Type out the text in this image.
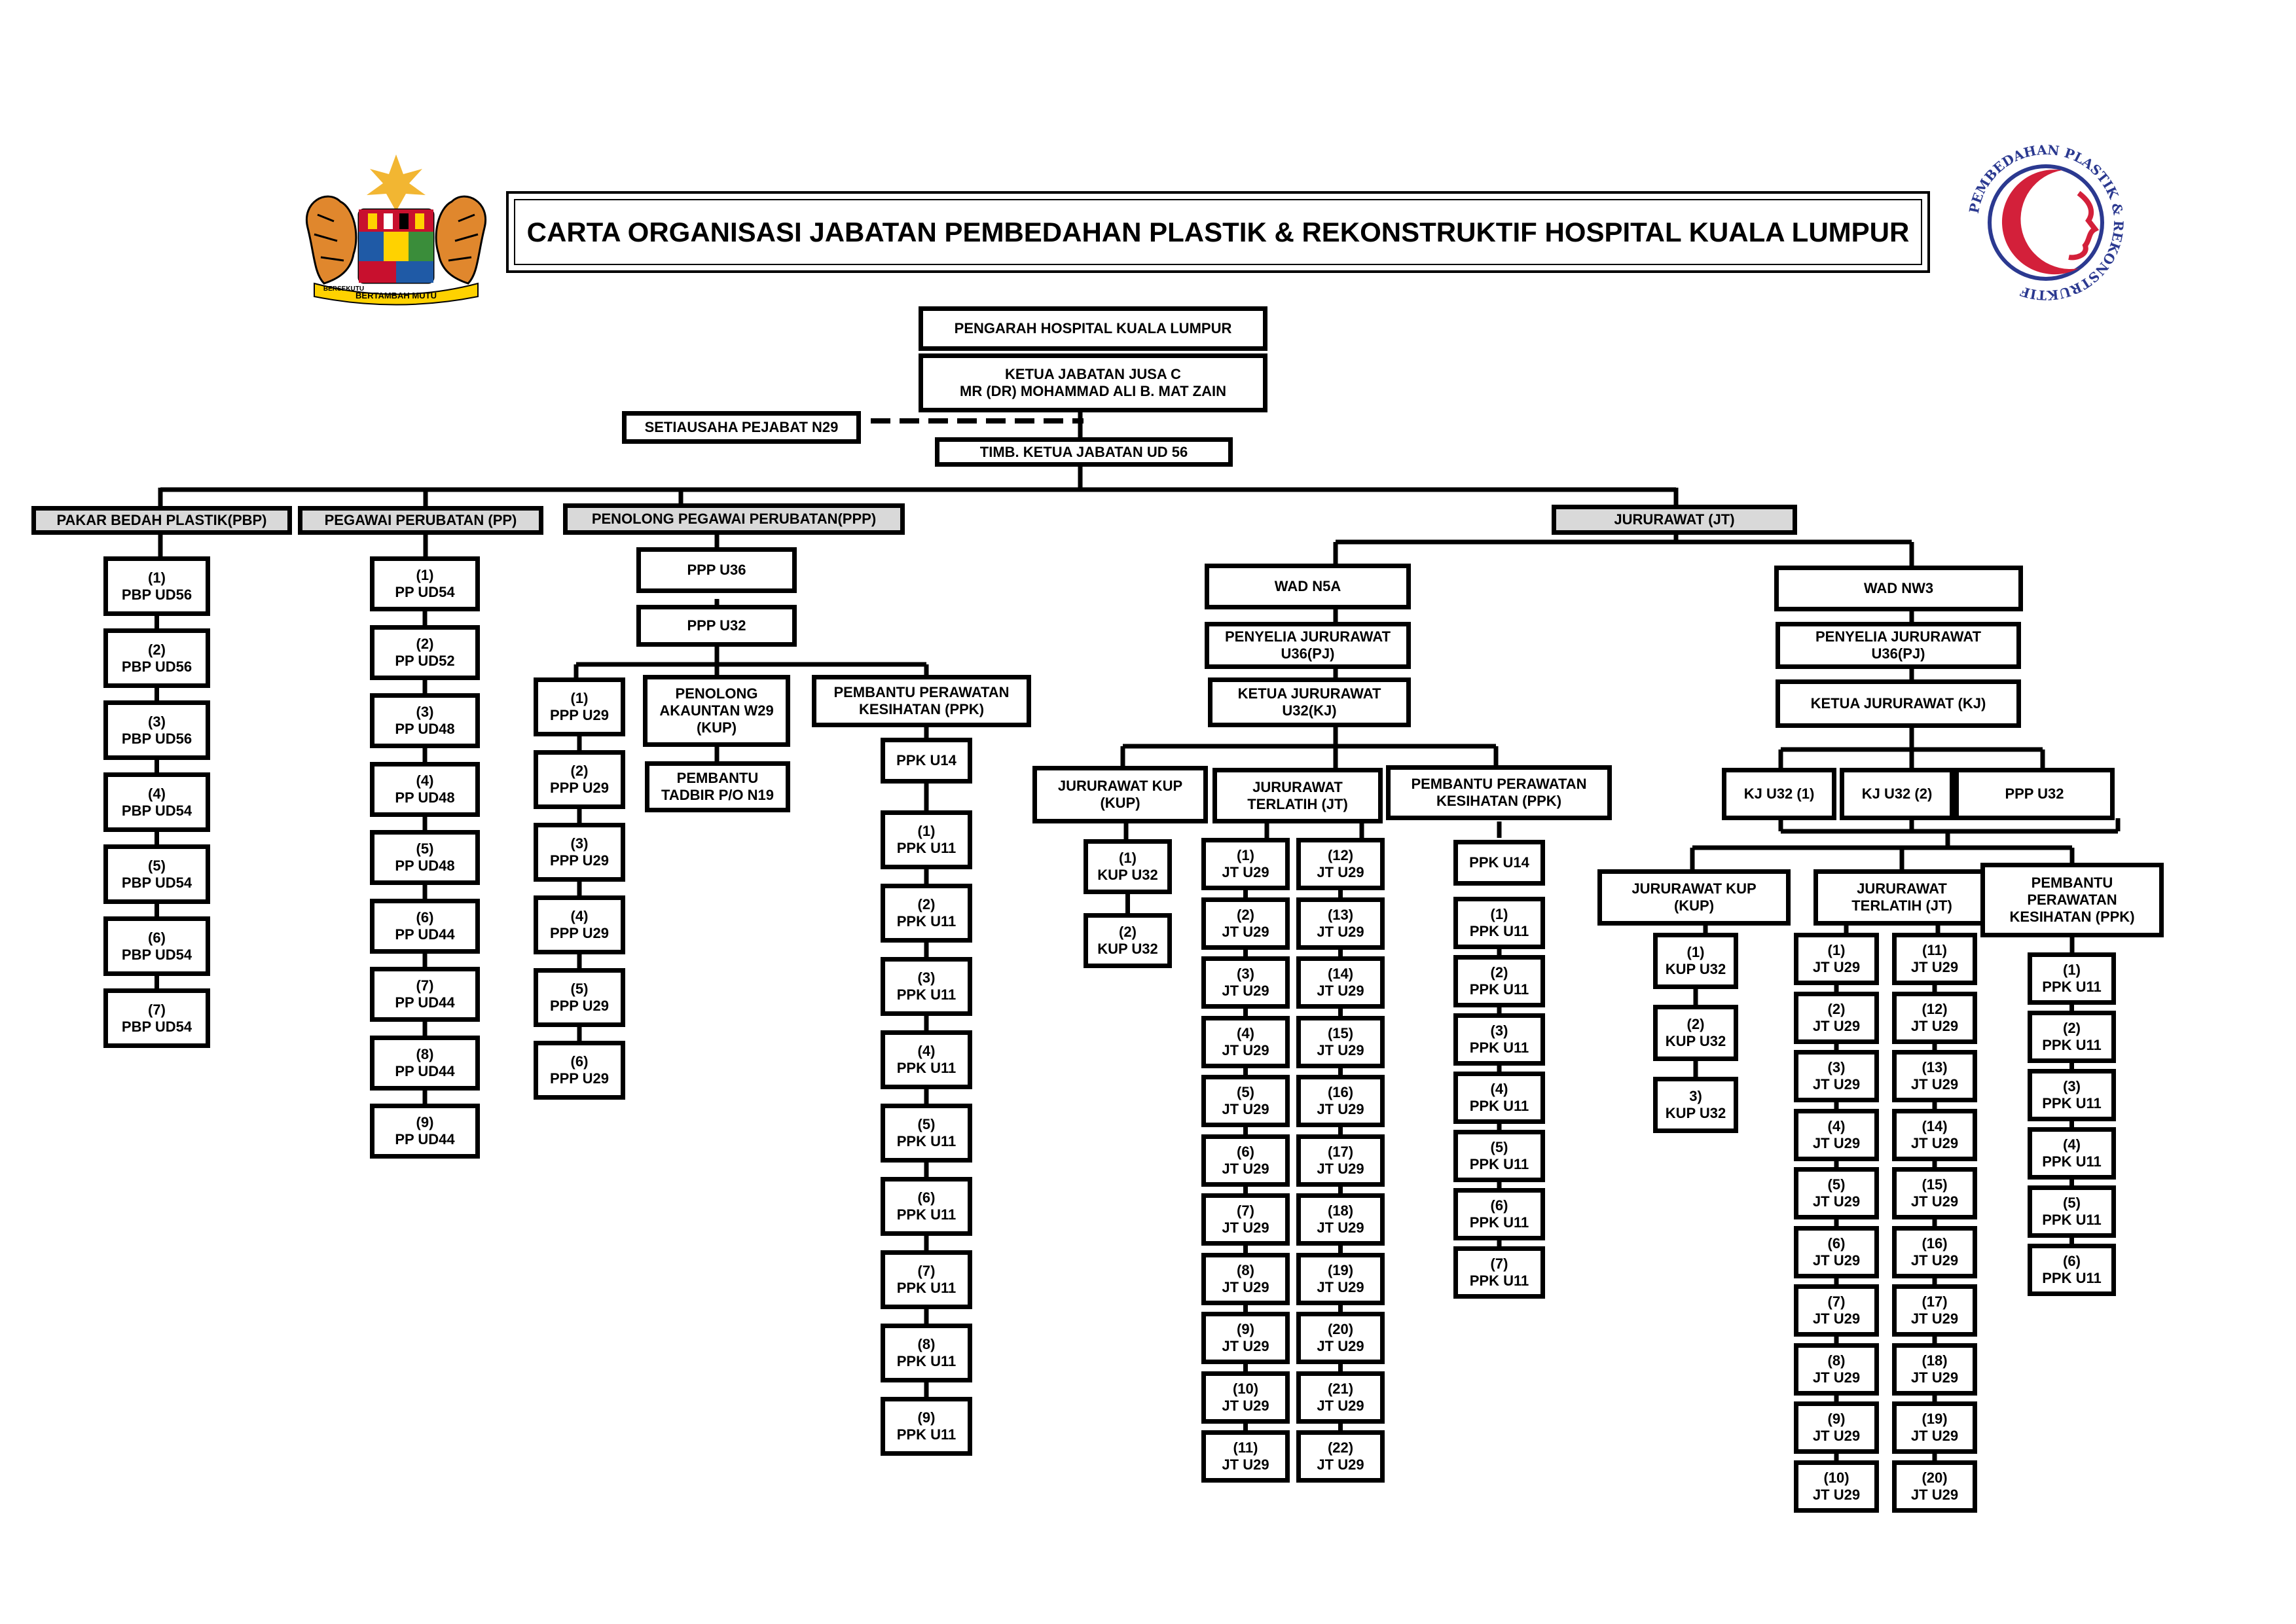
CARTA ORGANISASI JABATAN PEMBEDAHAN PLASTIK & REKONSTRUKTIF HOSPITAL KUALA LUMPUR
BERTAMBAH MUTU
BERSEKUTU
PEMBEDAHAN PLASTIK & REKONSTRUKTIF
PENGARAH HOSPITAL KUALA LUMPUR
KETUA JABATAN JUSA C
MR (DR) MOHAMMAD ALI B. MAT ZAIN
SETIAUSAHA PEJABAT N29
TIMB. KETUA JABATAN UD 56
PAKAR BEDAH PLASTIK(PBP)	PEGAWAI PERUBATAN (PP)	PENOLONG PEGAWAI PERUBATAN(PPP)	JURURAWAT (JT)
PPP U36
PPP U32
PENOLONG
AKAUNTAN W29
(KUP)
PEMBANTU
TADBIR P/O N19
PEMBANTU PERAWATAN
KESIHATAN (PPK)
PPK U14
WAD N5A
PENYELIA JURURAWAT
U36(PJ)
KETUA JURURAWAT
U32(KJ)
JURURAWAT KUP
(KUP)
JURURAWAT
TERLATIH (JT)
PEMBANTU PERAWATAN
KESIHATAN (PPK)
PPK U14
WAD NW3
PENYELIA JURURAWAT
U36(PJ)
KETUA JURURAWAT (KJ)
KJ U32 (1)	KJ U32 (2)	PPP U32
JURURAWAT KUP
(KUP)
JURURAWAT
TERLATIH (JT)
PEMBANTU
PERAWATAN
KESIHATAN (PPK)
(1)
PBP UD56
(2)
PBP UD56
(3)
PBP UD56
(4)
PBP UD54
(5)
PBP UD54
(6)
PBP UD54
(7)
PBP UD54
(1)
PP UD54
(2)
PP UD52
(3)
PP UD48
(4)
PP UD48
(5)
PP UD48
(6)
PP UD44
(7)
PP UD44
(8)
PP UD44
(9)
PP UD44
(1)
PPP U29
(2)
PPP U29
(3)
PPP U29
(4)
PPP U29
(5)
PPP U29
(6)
PPP U29
(1)
PPK U11
(2)
PPK U11
(3)
PPK U11
(4)
PPK U11
(5)
PPK U11
(6)
PPK U11
(7)
PPK U11
(8)
PPK U11
(9)
PPK U11
(1)
KUP U32
(2)
KUP U32
(1)
JT U29
(2)
JT U29
(3)
JT U29
(4)
JT U29
(5)
JT U29
(6)
JT U29
(7)
JT U29
(8)
JT U29
(9)
JT U29
(10)
JT U29
(11)
JT U29
(12)
JT U29
(13)
JT U29
(14)
JT U29
(15)
JT U29
(16)
JT U29
(17)
JT U29
(18)
JT U29
(19)
JT U29
(20)
JT U29
(21)
JT U29
(22)
JT U29
(1)
PPK U11
(2)
PPK U11
(3)
PPK U11
(4)
PPK U11
(5)
PPK U11
(6)
PPK U11
(7)
PPK U11
(1)
KUP U32
(2)
KUP U32
3)
KUP U32
(1)
JT U29
(2)
JT U29
(3)
JT U29
(4)
JT U29
(5)
JT U29
(6)
JT U29
(7)
JT U29
(8)
JT U29
(9)
JT U29
(10)
JT U29
(11)
JT U29
(12)
JT U29
(13)
JT U29
(14)
JT U29
(15)
JT U29
(16)
JT U29
(17)
JT U29
(18)
JT U29
(19)
JT U29
(20)
JT U29
(1)
PPK U11
(2)
PPK U11
(3)
PPK U11
(4)
PPK U11
(5)
PPK U11
(6)
PPK U11
